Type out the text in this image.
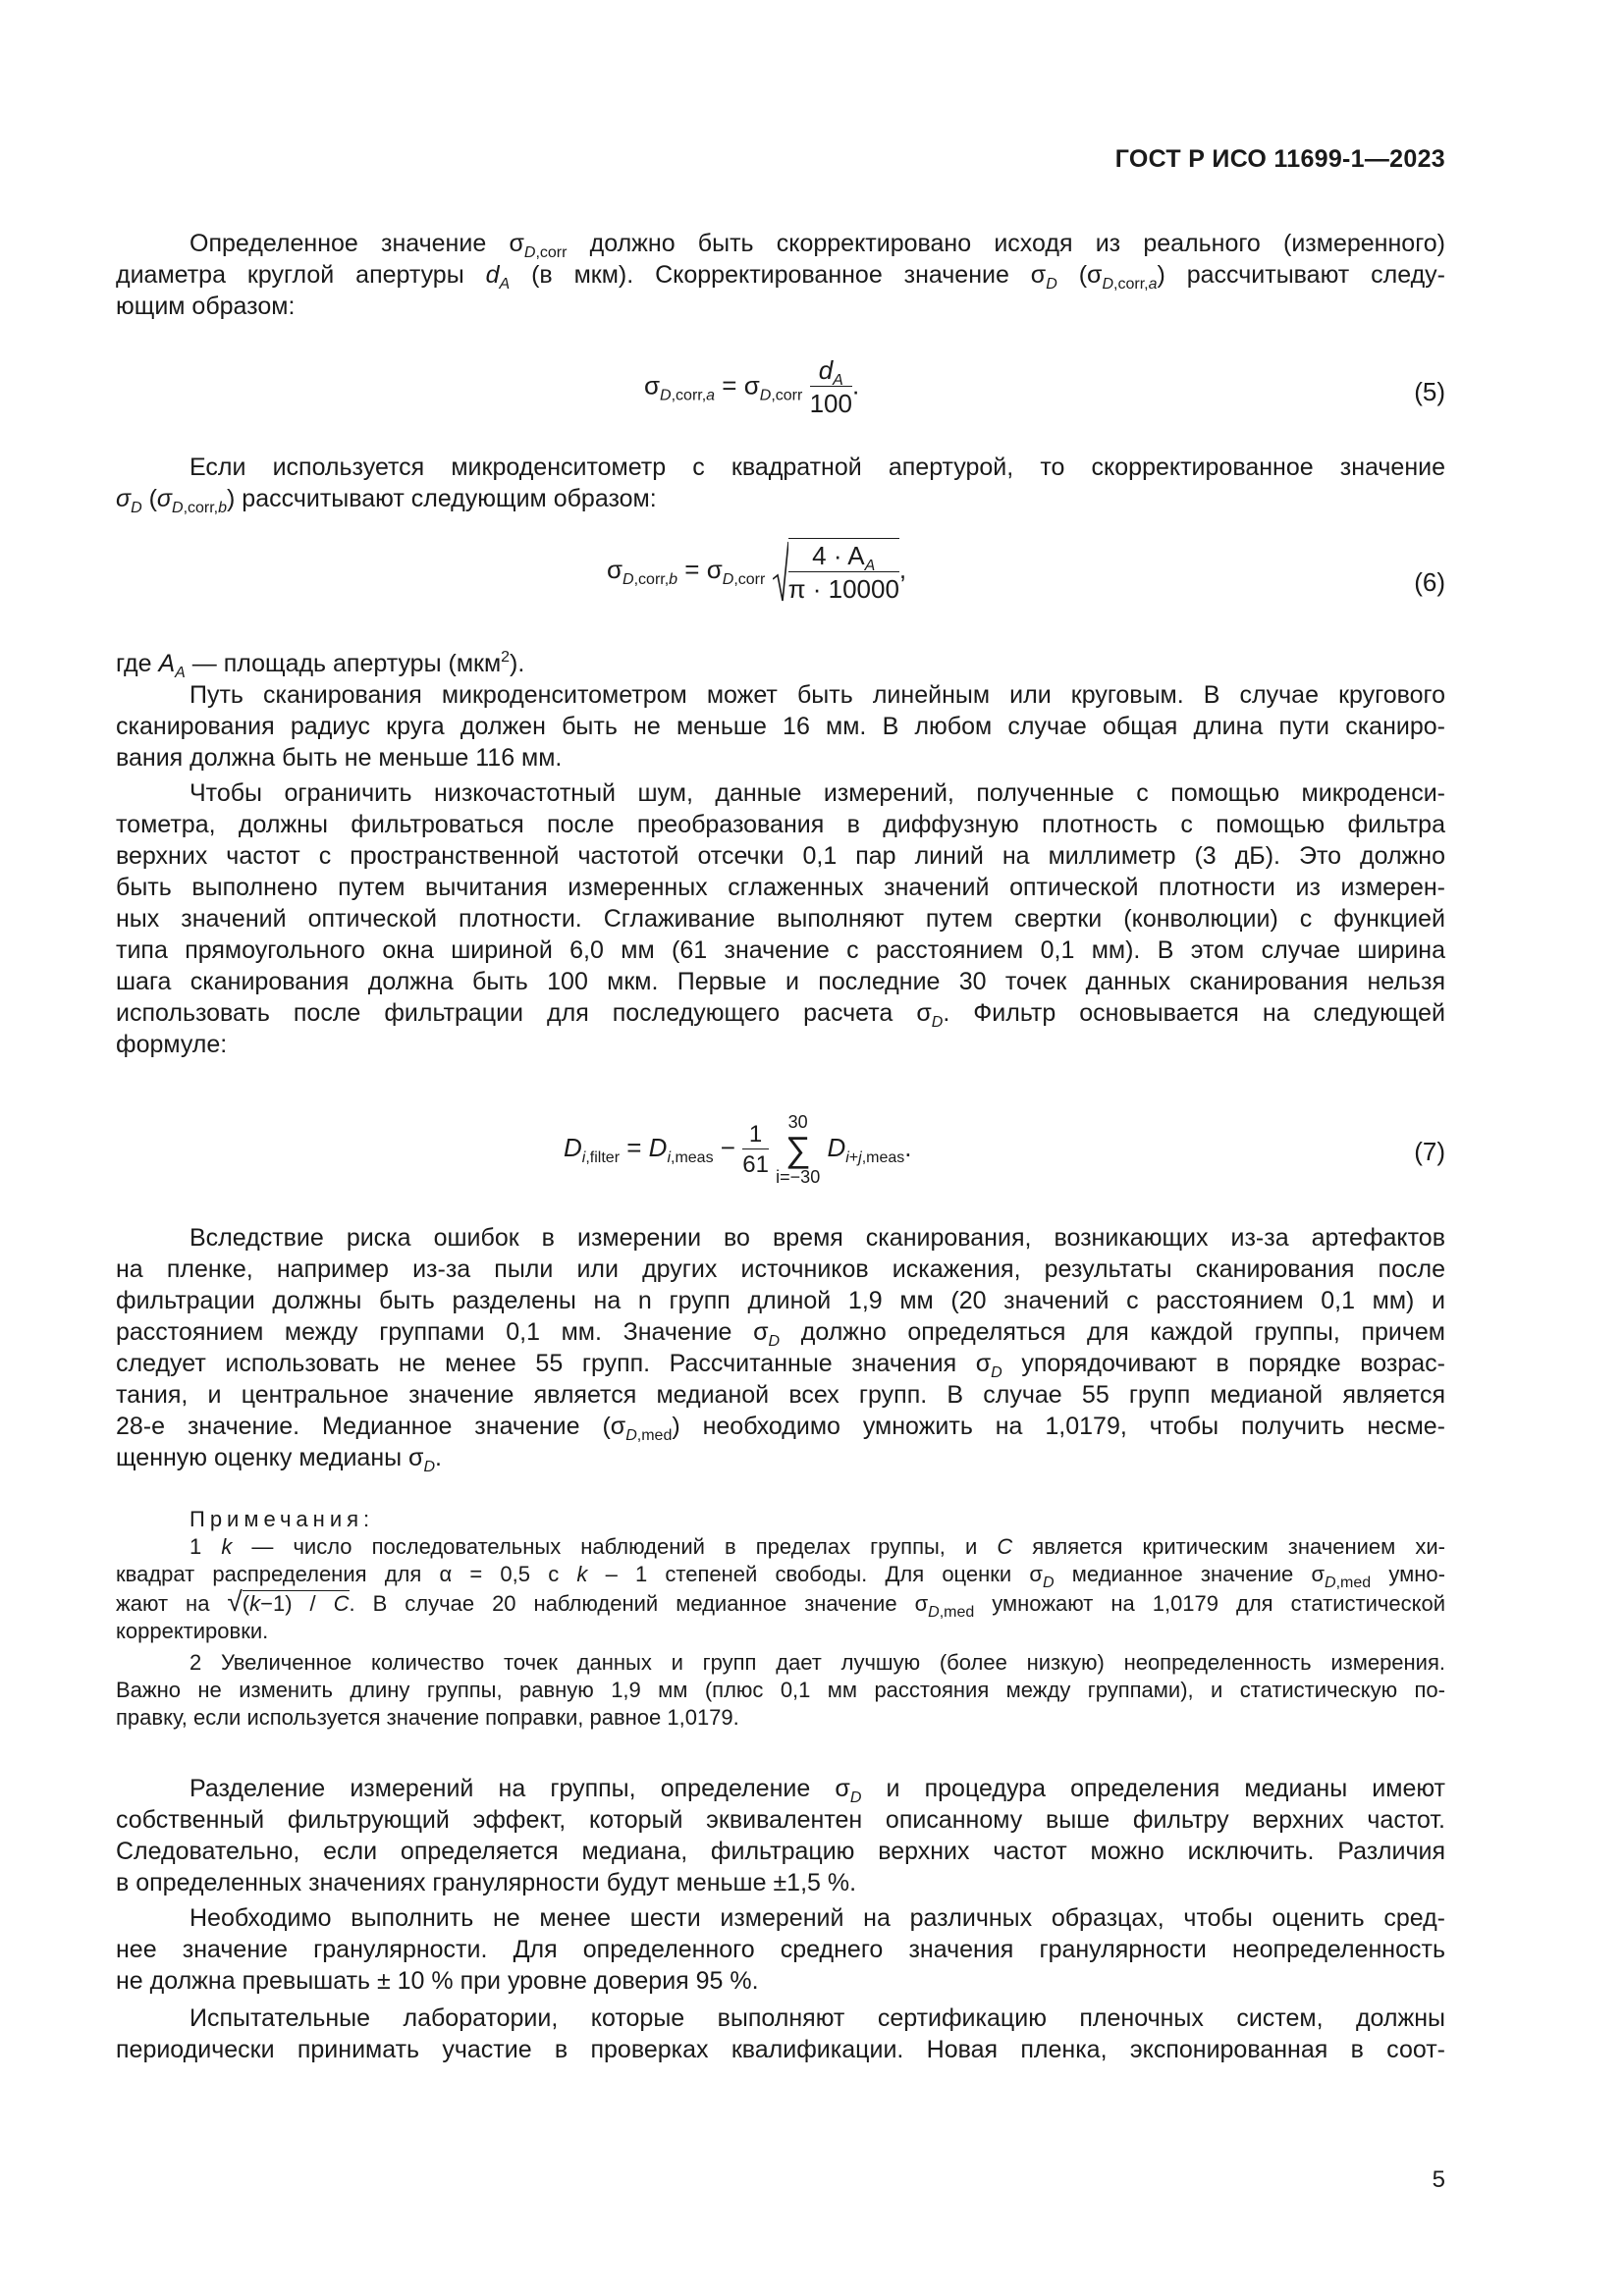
ГОСТ Р ИСО 11699-1—2023
Определенное значение $\sigma_{D,corr}$ должно быть скорректировано исходя из реального (измеренного)
диаметра круглой апертуры $d_A$ (в мкм). Скорректированное значение $\sigma_D$ $(\sigma_{D,corr,a})$ рассчитывают следу-
ющим образом:
$\sigma_{D,corr,a} = \sigma_{D,corr} \frac{d_A}{100}$ .	(5)
Если используется микроденситометр с квадратной апертурой, то скорректированное значение
$\sigma_D$ $(\sigma_{D,corr,b})$ рассчитывают следующим образом:
$\sigma_{D,corr,b} = \sigma_{D,corr} \frac{4 \cdot A_A}{\pi \cdot 10000}$ ,	(6)
где $A_A$ — площадь апертуры (мкм$^2$).
Путь сканирования микроденситометром может быть линейным или круговым. В случае кругового
сканирования радиус круга должен быть не меньше 16 мм. В любом случае общая длина пути сканиро-
вания должна быть не меньше 116 мм.
Чтобы ограничить низкочастотный шум, данные измерений, полученные с помощью микроденси-
тометра, должны фильтроваться после преобразования в диффузную плотность с помощью фильтра
верхних частот с пространственной частотой отсечки 0,1 пар линий на миллиметр (3 дБ). Это должно
быть выполнено путем вычитания измеренных сглаженных значений оптической плотности из измерен-
ных значений оптической плотности. Сглаживание выполняют путем свертки (конволюции) с функцией
типа прямоугольного окна шириной 6,0 мм (61 значение с расстоянием 0,1 мм). В этом случае ширина
шага сканирования должна быть 100 мкм. Первые и последние 30 точек данных сканирования нельзя
использовать после фильтрации для последующего расчета $\sigma_D$. Фильтр основывается на следующей
формуле:
$D_{i,filter} = D_{i,meas} - \frac{1}{61}$
	30
∑
i=−30
$D_{i+j,meas}$.	(7)
Вследствие риска ошибок в измерении во время сканирования, возникающих из-за артефактов
на пленке, например из-за пыли или других источников искажения, результаты сканирования после
фильтрации должны быть разделены на n групп длиной 1,9 мм (20 значений с расстоянием 0,1 мм) и
расстоянием между группами 0,1 мм. Значение $\sigma_D$ должно определяться для каждой группы, причем
следует использовать не менее 55 групп. Рассчитанные значения $\sigma_D$ упорядочивают в порядке возрас-
тания, и центральное значение является медианой всех групп. В случае 55 групп медианой является
28-е значение. Медианное значение $(\sigma_{D,med})$ необходимо умножить на 1,0179, чтобы получить несме-
щенную оценку медианы $\sigma_D$.
Примечания:
1 k — число последовательных наблюдений в пределах группы, и C является критическим значением хи-
квадрат распределения для α = 0,5 с k – 1 степеней свободы. Для оценки $\sigma_D$ медианное значение $\sigma_{D,med}$ умно-
жают на √(k−1) / C. В случае 20 наблюдений медианное значение $\sigma_{D,med}$ умножают на 1,0179 для статистической
корректировки.
2 Увеличенное количество точек данных и групп дает лучшую (более низкую) неопределенность измерения.
Важно не изменить длину группы, равную 1,9 мм (плюс 0,1 мм расстояния между группами), и статистическую по-
правку, если используется значение поправки, равное 1,0179.
Разделение измерений на группы, определение $\sigma_D$ и процедура определения медианы имеют
собственный фильтрующий эффект, который эквивалентен описанному выше фильтру верхних частот.
Следовательно, если определяется медиана, фильтрацию верхних частот можно исключить. Различия
в определенных значениях гранулярности будут меньше ±1,5 %.
Необходимо выполнить не менее шести измерений на различных образцах, чтобы оценить сред-
нее значение гранулярности. Для определенного среднего значения гранулярности неопределенность
не должна превышать ± 10 % при уровне доверия 95 %.
Испытательные лаборатории, которые выполняют сертификацию пленочных систем, должны
периодически принимать участие в проверках квалификации. Новая пленка, экспонированная в соот-
5
